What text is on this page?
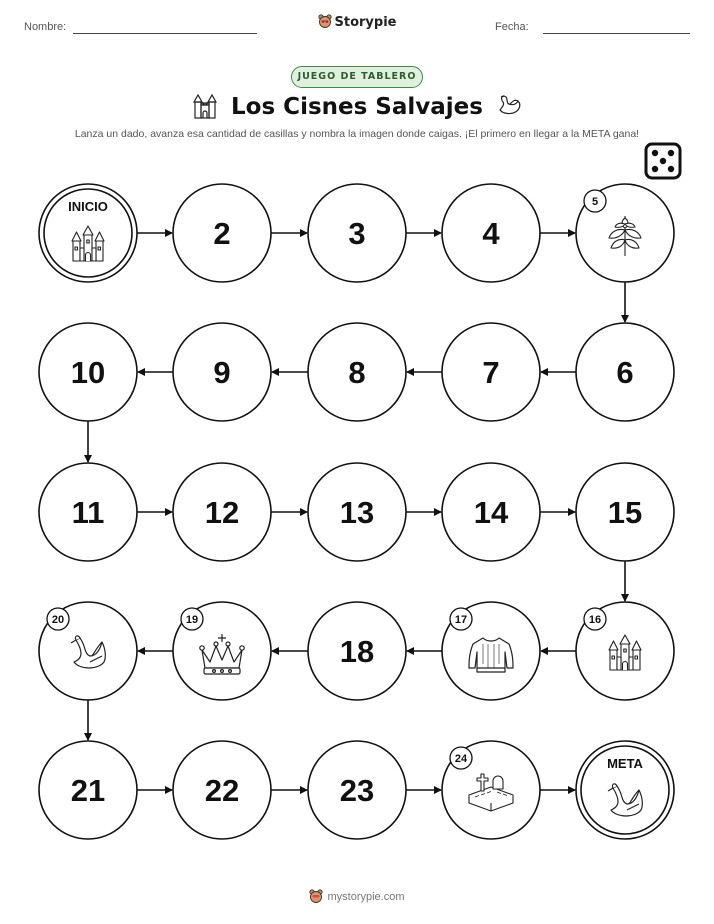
Nombre:	Storypie	Fecha:
JUEGO DE TABLERO
Los Cisnes Salvajes
Lanza un dado, avanza esa cantidad de casillas y nombra la imagen donde caigas. ¡El primero en llegar a la META gana!
INICIO
2	3	4
5
6
7
8
9
10
11	12	13	14	15
16
17
18
19
20
21	22	23
24	META
mystorypie.com
